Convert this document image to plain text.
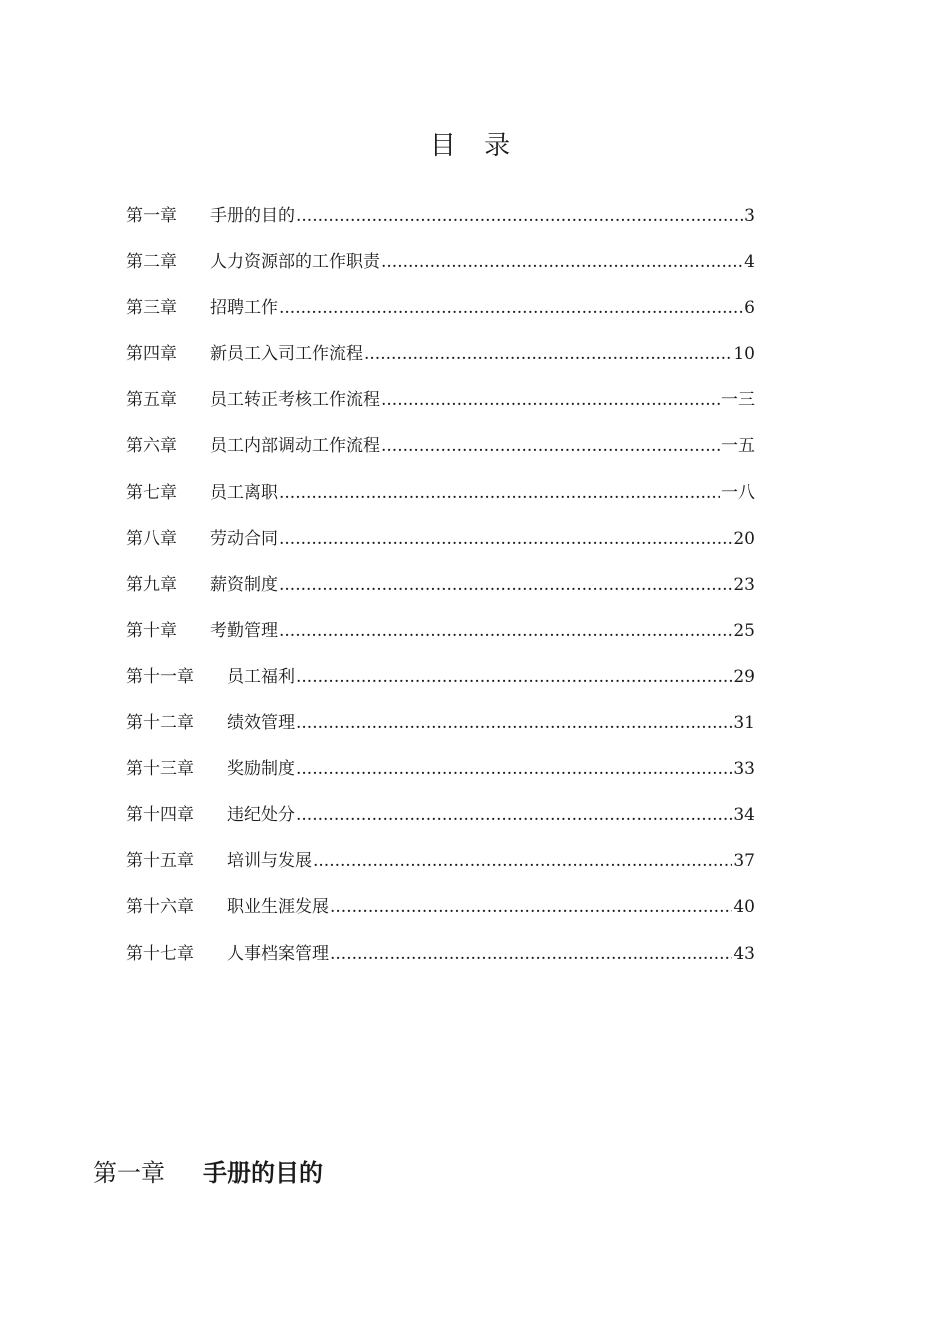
目 录
第一章	手册的目的 .....	3
第二章	人力资源部的工作职责 .....	4
第三章	招聘工作 .....	6
第四章	新员工入司工作流程 .....	10
第五章	员工转正考核工作流程 .....	一三
第六章	员工内部调动工作流程 .....	一五
第七章	员工离职 .....	一八
第八章	劳动合同 .....	20
第九章	薪资制度 .....	23
第十章	考勤管理 .....	25
第十一章	员工福利 .....	29
第十二章	绩效管理 .....	31
第十三章	奖励制度 .....	33
第十四章	违纪处分 .....	34
第十五章	培训与发展 .....	37
第十六章	职业生涯发展 .....	40
第十七章	人事档案管理 .....	43
第一章	手册的目的
